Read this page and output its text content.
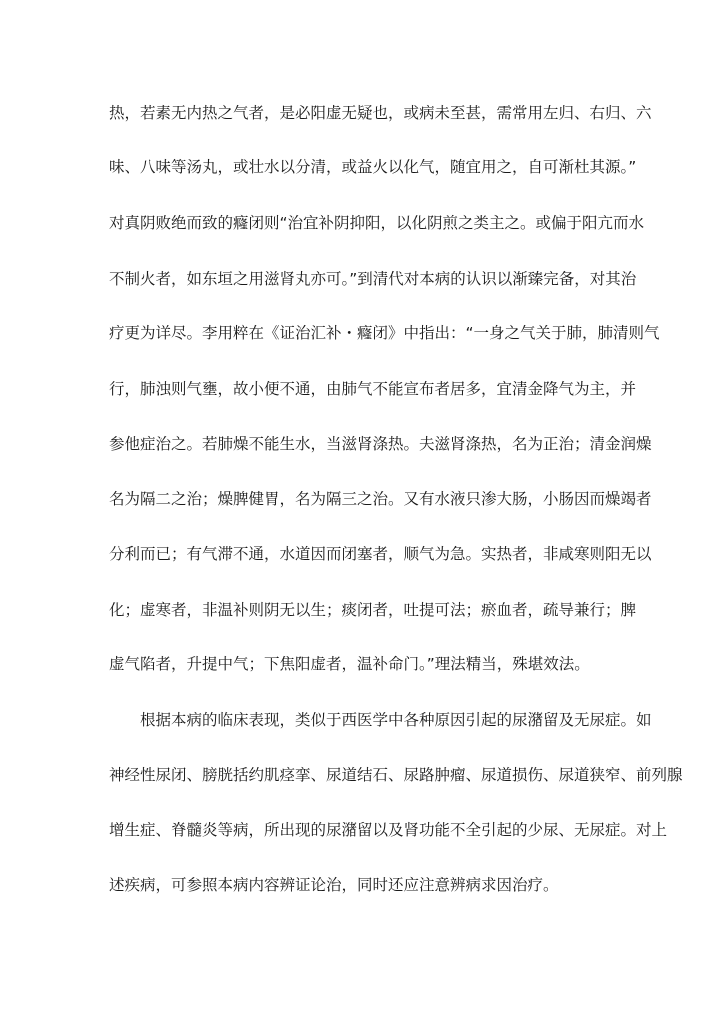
热，若素无内热之气者，是必阳虚无疑也，或病未至甚，需常用左归、右归、六
味、八味等汤丸，或壮水以分清，或益火以化气，随宜用之，自可渐杜其源。”
对真阴败绝而致的癃闭则“治宜补阴抑阳，以化阴煎之类主之。或偏于阳亢而水
不制火者，如东垣之用滋肾丸亦可。”到清代对本病的认识以渐臻完备，对其治
疗更为详尽。李用粹在《证治汇补・癃闭》中指出：“一身之气关于肺，肺清则气
行，肺浊则气壅，故小便不通，由肺气不能宣布者居多，宜清金降气为主，并
参他症治之。若肺燥不能生水，当滋肾涤热。夫滋肾涤热，名为正治；清金润燥
名为隔二之治；燥脾健胃，名为隔三之治。又有水液只渗大肠，小肠因而燥竭者
分利而已；有气滞不通，水道因而闭塞者，顺气为急。实热者，非咸寒则阳无以
化；虚寒者，非温补则阴无以生；痰闭者，吐提可法；瘀血者，疏导兼行；脾
虚气陷者，升提中气；下焦阳虚者，温补命门。”理法精当，殊堪效法。
根据本病的临床表现，类似于西医学中各种原因引起的尿潴留及无尿症。如
神经性尿闭、膀胱括约肌痉挛、尿道结石、尿路肿瘤、尿道损伤、尿道狭窄、前列腺
增生症、脊髓炎等病，所出现的尿潴留以及肾功能不全引起的少尿、无尿症。对上
述疾病，可参照本病内容辨证论治，同时还应注意辨病求因治疗。
